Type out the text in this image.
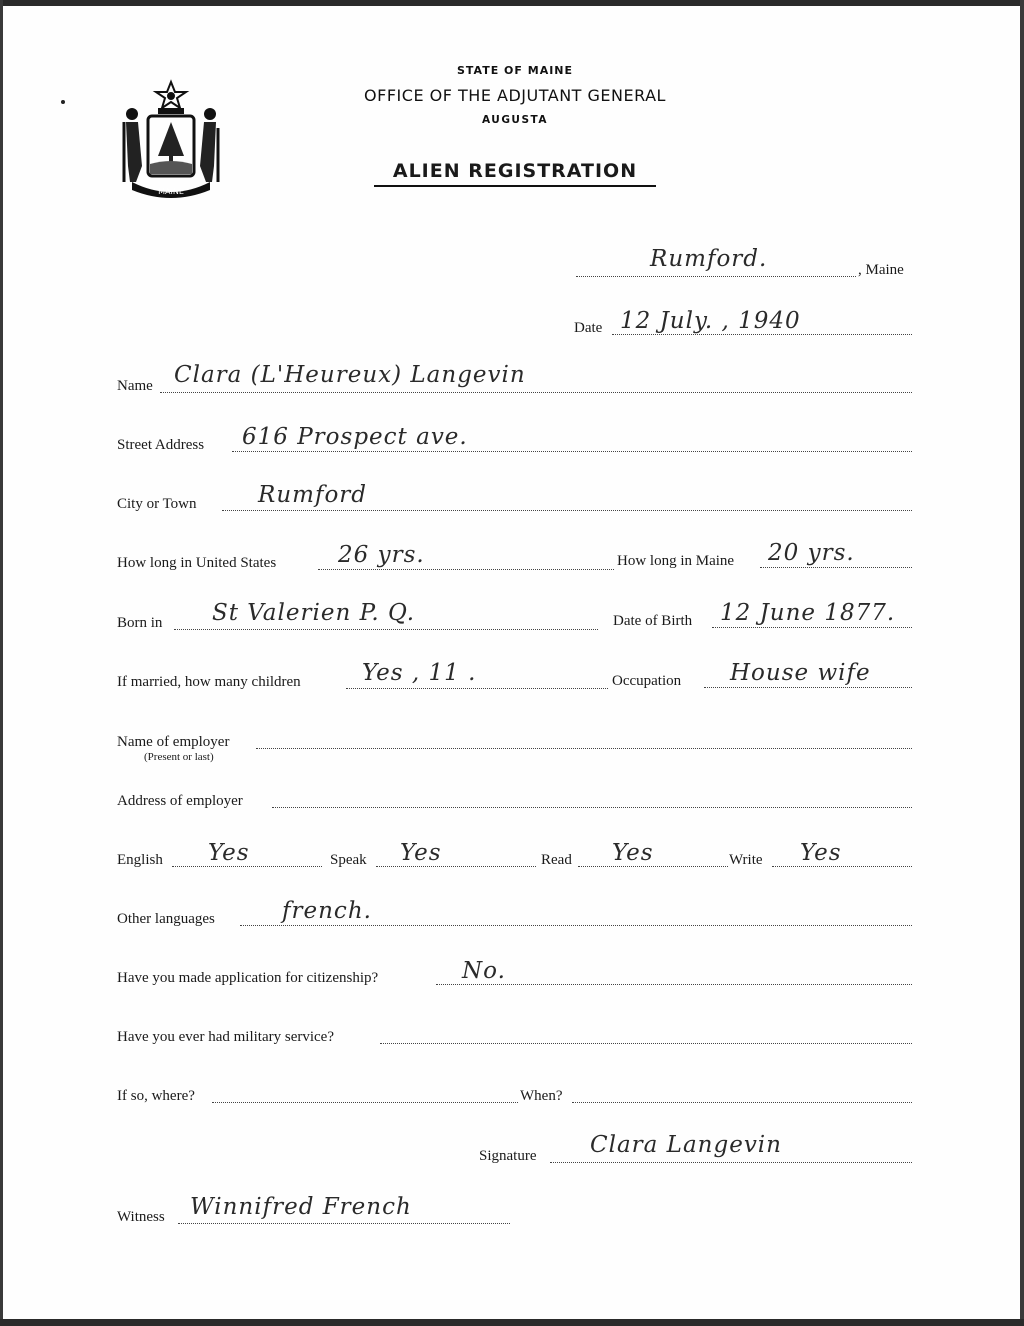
MAINE
STATE OF MAINE
OFFICE OF THE ADJUTANT GENERAL
AUGUSTA
ALIEN REGISTRATION
Rumford.	, Maine
Date 12 July. , 1940
Name Clara (L'Heureux) Langevin
Street Address 616 Prospect ave.
City or Town	Rumford
How long in United States	26 yrs.	How long in Maine 20 yrs.
Born in St Valerien P. Q.	Date of Birth 12 June 1877.
If married, how many children	Yes , 11 .	Occupation House wife
Name of employer
(Present or last)
Address of employer
English Yes	Speak Yes	Read Yes	Write Yes
Other languages	french.
Have you made application for citizenship?	No.
Have you ever had military service?
If so, where?	When?
Signature Clara Langevin
Witness Winnifred French
